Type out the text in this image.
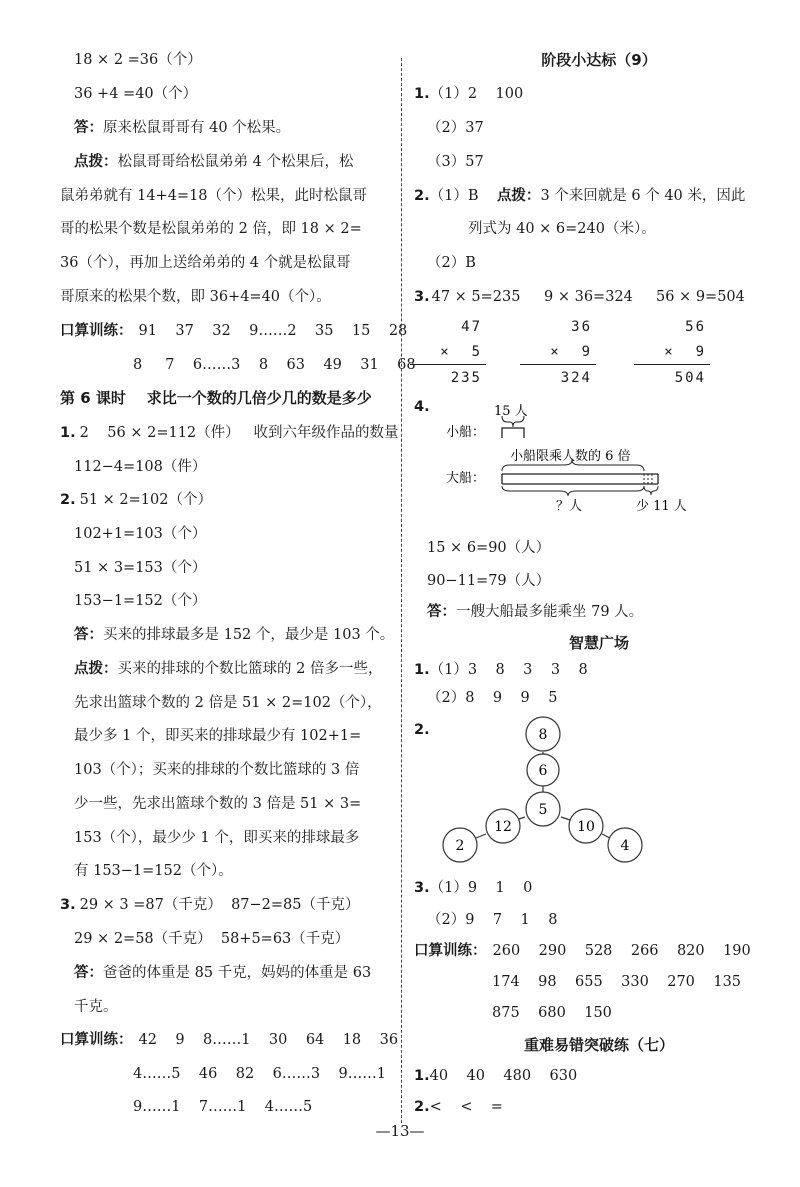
18 × 2 =36（个）
36 +4 =40（个）
答：原来松鼠哥哥有 40 个松果。
点拨：松鼠哥哥给松鼠弟弟 4 个松果后，松
鼠弟弟就有 14+4=18（个）松果，此时松鼠哥
哥的松果个数是松鼠弟弟的 2 倍，即 18 × 2=
36（个），再加上送给弟弟的 4 个就是松鼠哥
哥原来的松果个数，即 36+4=40（个）。
口算训练： 91    37    32    9……2    35    15    28
8     7    6……3    8    63    49    31    68
第 6 课时    求比一个数的几倍少几的数是多少
1. 2    56 × 2=112（件）   收到六年级作品的数量
112−4=108（件）
2. 51 × 2=102（个）
102+1=103（个）
51 × 3=153（个）
153−1=152（个）
答：买来的排球最多是 152 个，最少是 103 个。
点拨：买来的排球的个数比篮球的 2 倍多一些，
先求出篮球个数的 2 倍是 51 × 2=102（个），
最少多 1 个，即买来的排球最少有 102+1=
103（个）；买来的排球的个数比篮球的 3 倍
少一些，先求出篮球个数的 3 倍是 51 × 3=
153（个），最少少 1 个，即买来的排球最多
有 153−1=152（个）。
3. 29 × 3 =87（千克）  87−2=85（千克）
29 × 2=58（千克）  58+5=63（千克）
答：爸爸的体重是 85 千克，妈妈的体重是 63
千克。
口算训练： 42    9    8……1    30    64    18    36
4……5    46    82    6……3    9……1
9……1    7……1    4……5
阶段小达标（9）
1.（1）2    100
（2）37
（3）57
2.（1）B    点拨：3 个来回就是 6 个 40 米，因此
列式为 40 × 6=240（米）。
（2）B
3. 47 × 5=235 9 × 36=324 56 × 9=504
47
×  5
235
36
×  9
324
56
×  9
504
4.	15 人
小船：
小船限乘人数的 6 倍
大船：
？人	少 11 人
15 × 6=90（人）
90−11=79（人）
答：一艘大船最多能乘坐 79 人。
智慧广场
1.（1）3    8    3    3    8
（2）8    9    9    5
2.	8
6
5
12
2
10
4
3.（1）9    1    0
（2）9    7    1    8
口算训练： 260    290    528    266    820    190
174    98    655    330    270    135
875    680    150
重难易错突破练（七）
1.40    40    480    630
2.<    <    =
—13—
